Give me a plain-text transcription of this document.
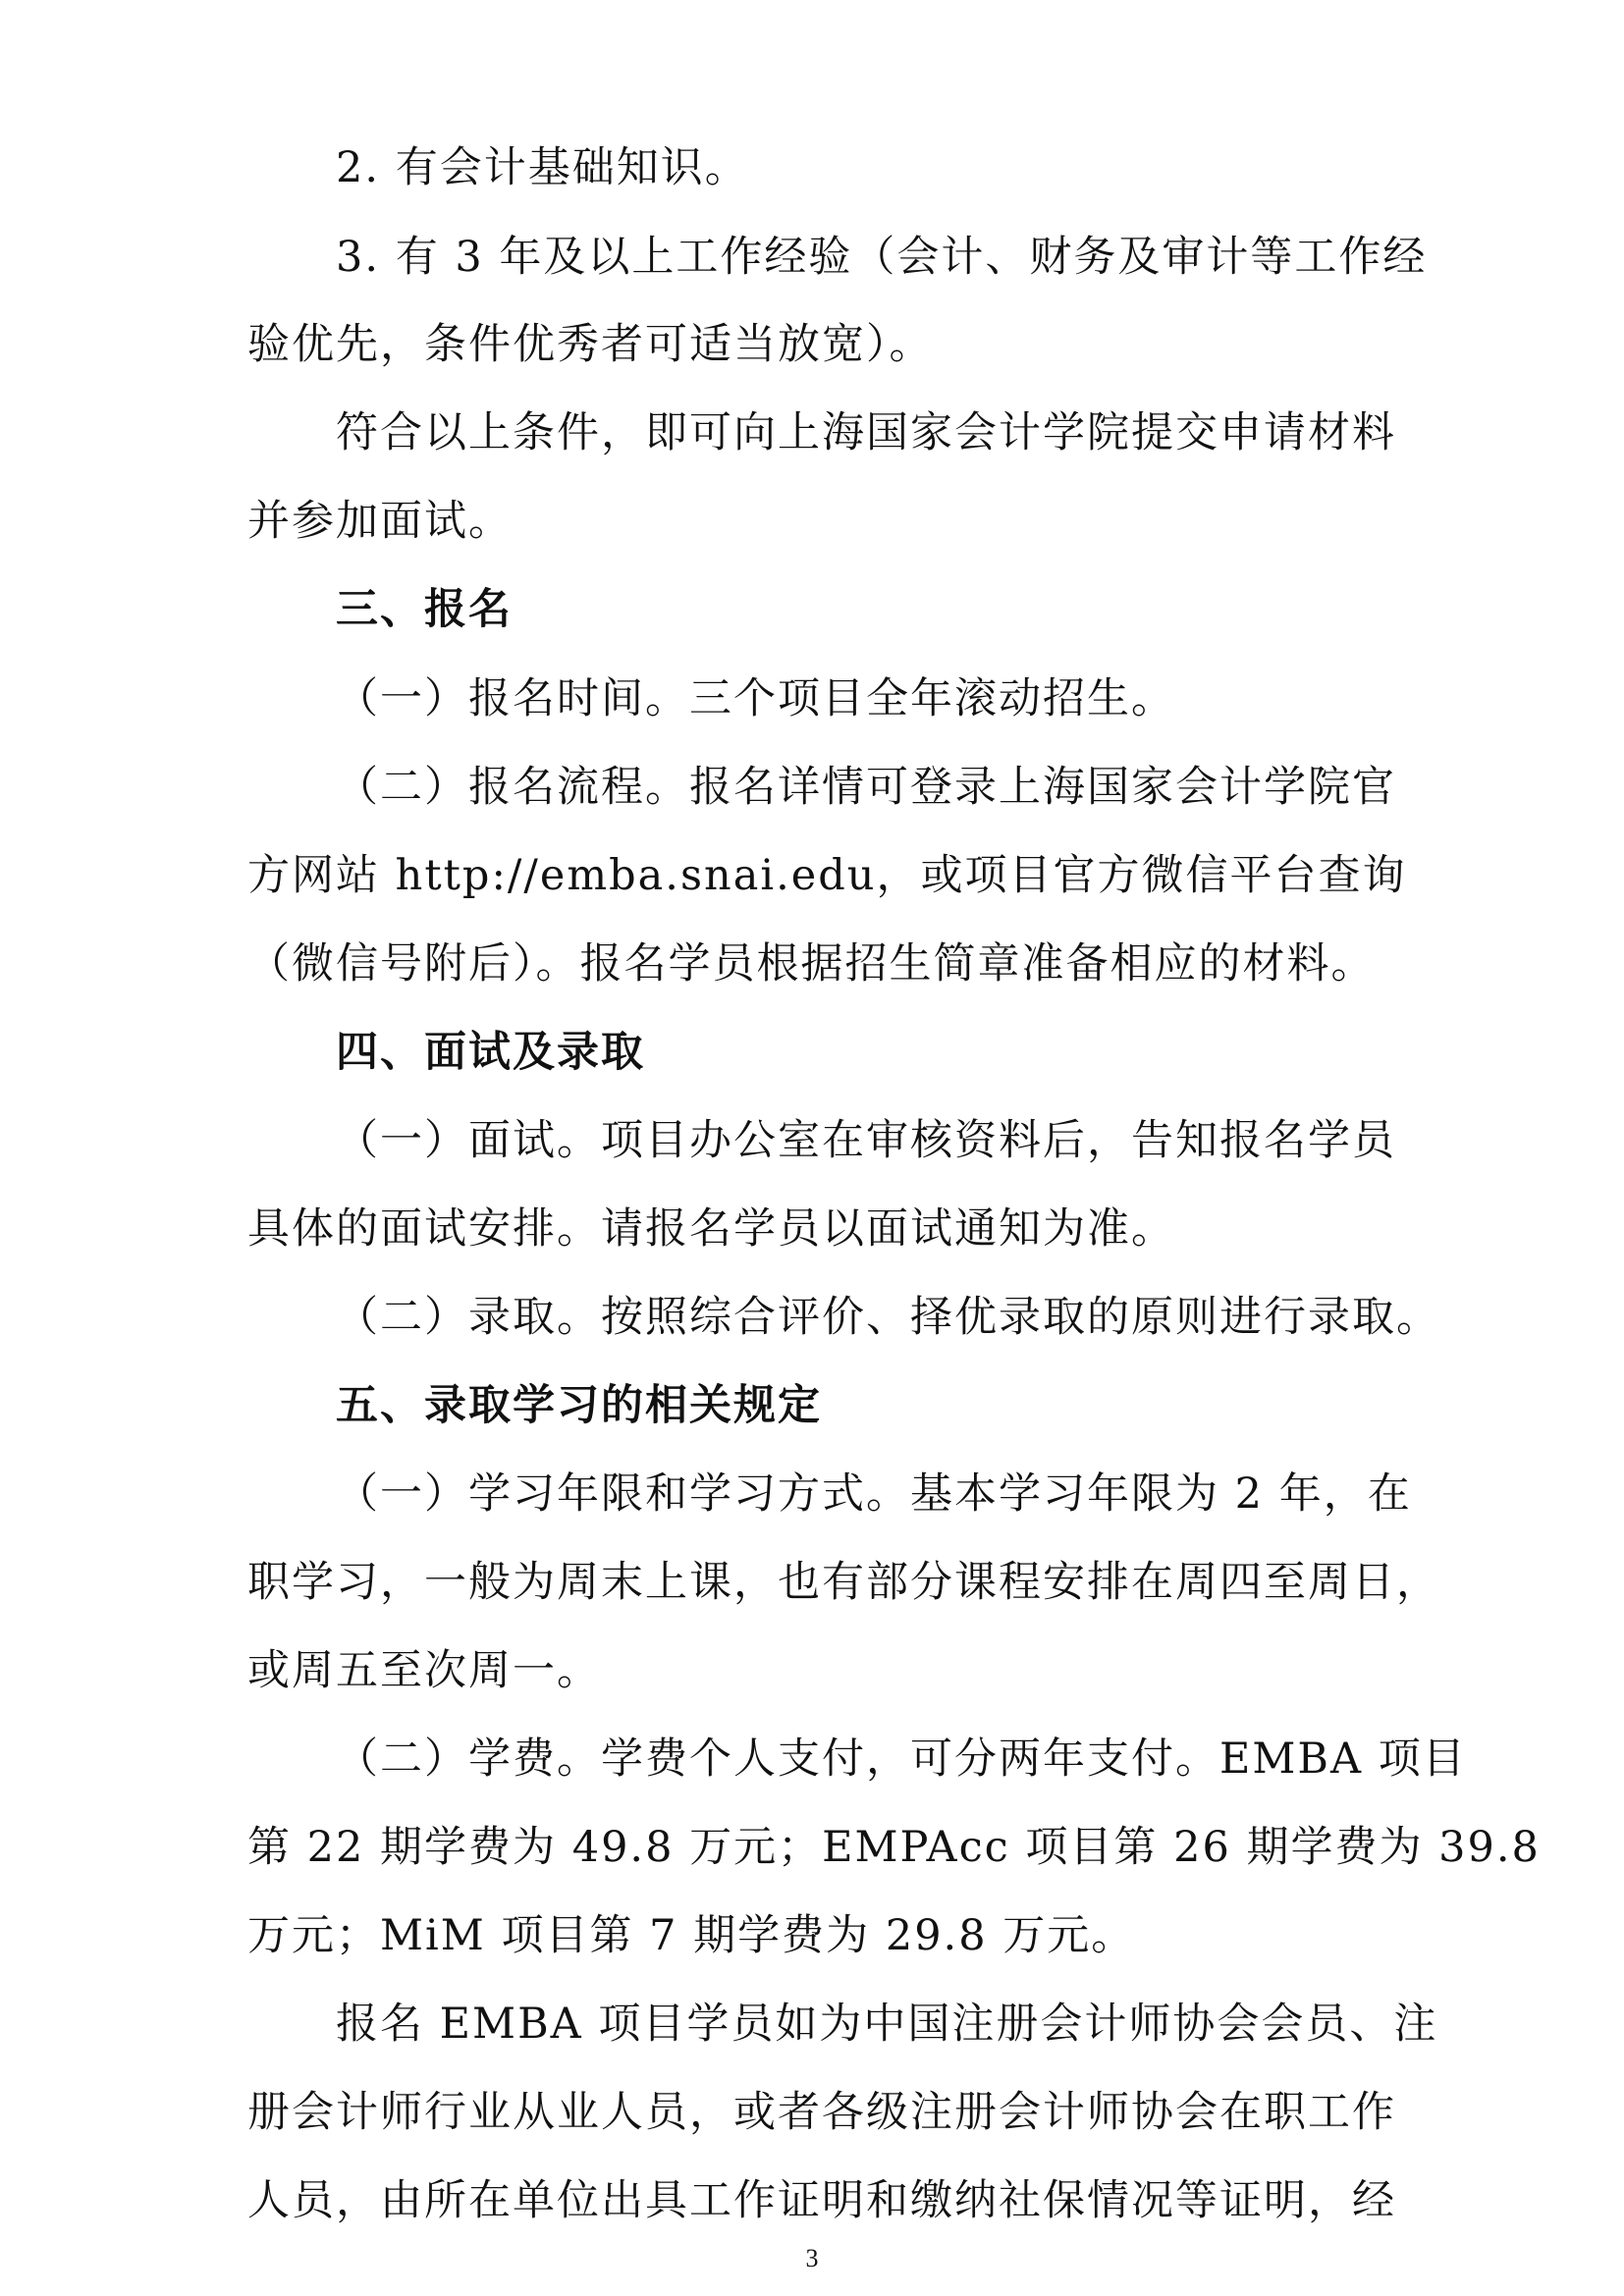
2. 有会计基础知识。
3. 有 3 年及以上工作经验（会计、财务及审计等工作经
验优先，条件优秀者可适当放宽）。
符合以上条件，即可向上海国家会计学院提交申请材料
并参加面试。
三、报名
（一）报名时间。三个项目全年滚动招生。
（二）报名流程。报名详情可登录上海国家会计学院官
方网站 http://emba.snai.edu，或项目官方微信平台查询
（微信号附后）。报名学员根据招生简章准备相应的材料。
四、面试及录取
（一）面试。项目办公室在审核资料后，告知报名学员
具体的面试安排。请报名学员以面试通知为准。
（二）录取。按照综合评价、择优录取的原则进行录取。
五、录取学习的相关规定
（一）学习年限和学习方式。基本学习年限为 2 年，在
职学习，一般为周末上课，也有部分课程安排在周四至周日，
或周五至次周一。
（二）学费。学费个人支付，可分两年支付。EMBA 项目
第 22 期学费为 49.8 万元；EMPAcc 项目第 26 期学费为 39.8
万元；MiM 项目第 7 期学费为 29.8 万元。
报名 EMBA 项目学员如为中国注册会计师协会会员、注
册会计师行业从业人员，或者各级注册会计师协会在职工作
人员，由所在单位出具工作证明和缴纳社保情况等证明，经
3
